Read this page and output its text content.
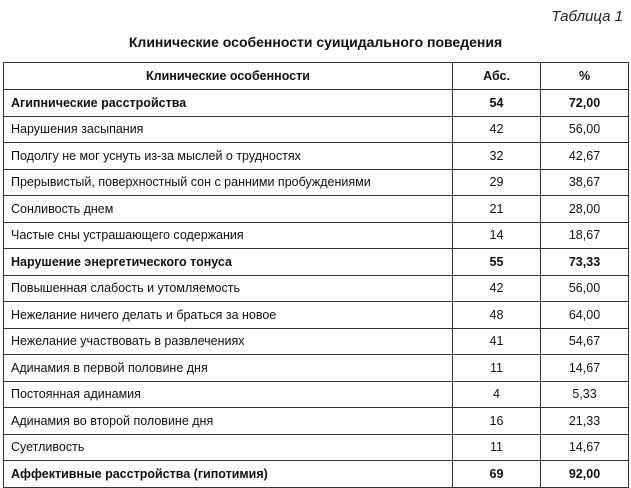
Таблица 1
Клинические особенности суицидального поведения
Клинические особенности	Абс.	%
Агипнические расстройства	54	72,00
Нарушения засыпания	42	56,00
Подолгу не мог уснуть из-за мыслей о трудностях	32	42,67
Прерывистый, поверхностный сон с ранними пробуждениями	29	38,67
Сонливость днем	21	28,00
Частые сны устрашающего содержания	14	18,67
Нарушение энергетического тонуса	55	73,33
Повышенная слабость и утомляемость	42	56,00
Нежелание ничего делать и браться за новое	48	64,00
Нежелание участвовать в развлечениях	41	54,67
Адинамия в первой половине дня	11	14,67
Постоянная адинамия	4	5,33
Адинамия во второй половине дня	16	21,33
Суетливость	11	14,67
Аффективные расстройства (гипотимия)	69	92,00
